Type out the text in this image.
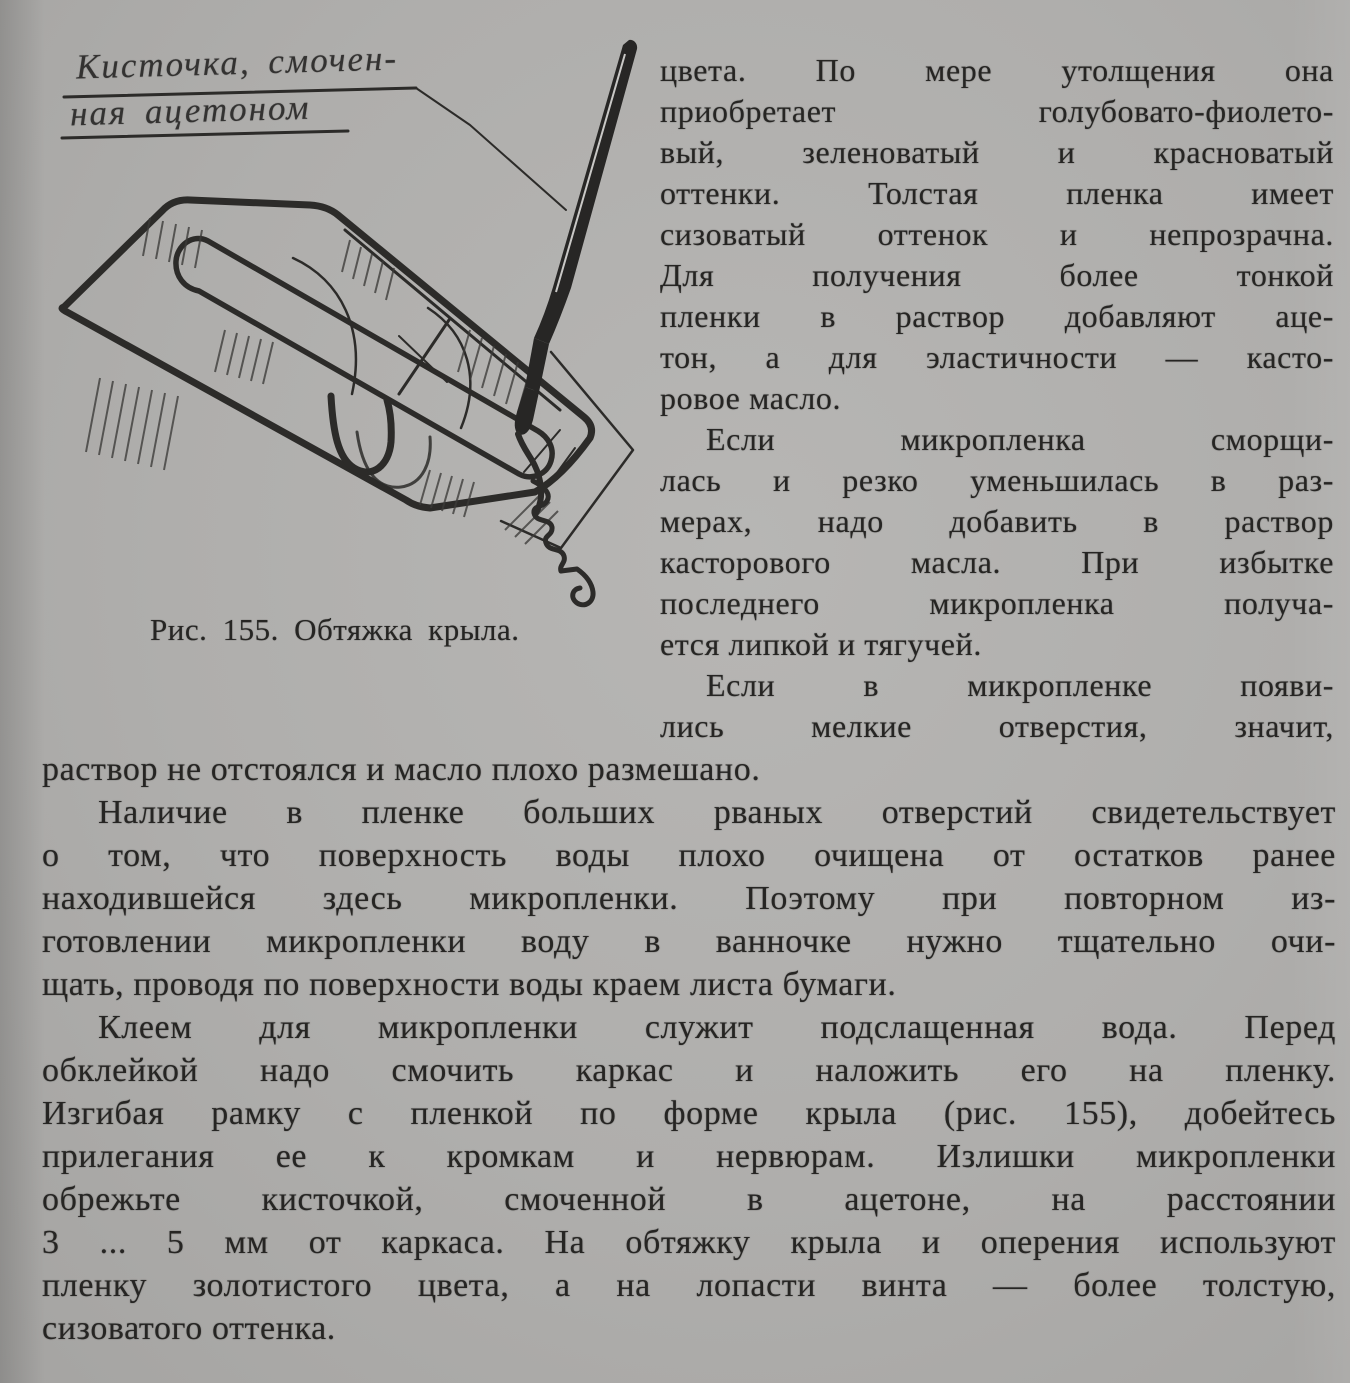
Кисточка, смочен-
ная ацетоном
Рис. 155. Обтяжка крыла.
цвета. По мере утолщения она
приобретает голубовато-фиолето-
вый, зеленоватый и красноватый
оттенки. Толстая пленка имеет
сизоватый оттенок и непрозрачна.
Для получения более тонкой
пленки в раствор добавляют аце-
тон, а для эластичности — касто-
ровое масло.
Если микропленка сморщи-
лась и резко уменьшилась в раз-
мерах, надо добавить в раствор
касторового масла. При избытке
последнего микропленка получа-
ется липкой и тягучей.
Если в микропленке появи-
лись мелкие отверстия, значит,
раствор не отстоялся и масло плохо размешано.
Наличие в пленке больших рваных отверстий свидетельствует
о том, что поверхность воды плохо очищена от остатков ранее
находившейся здесь микропленки. Поэтому при повторном из-
готовлении микропленки воду в ванночке нужно тщательно очи-
щать, проводя по поверхности воды краем листа бумаги.
Клеем для микропленки служит подслащенная вода. Перед
обклейкой надо смочить каркас и наложить его на пленку.
Изгибая рамку с пленкой по форме крыла (рис. 155), добейтесь
прилегания ее к кромкам и нервюрам. Излишки микропленки
обрежьте кисточкой, смоченной в ацетоне, на расстоянии
3 ... 5 мм от каркаса. На обтяжку крыла и оперения используют
пленку золотистого цвета, а на лопасти винта — более толстую,
сизоватого оттенка.
